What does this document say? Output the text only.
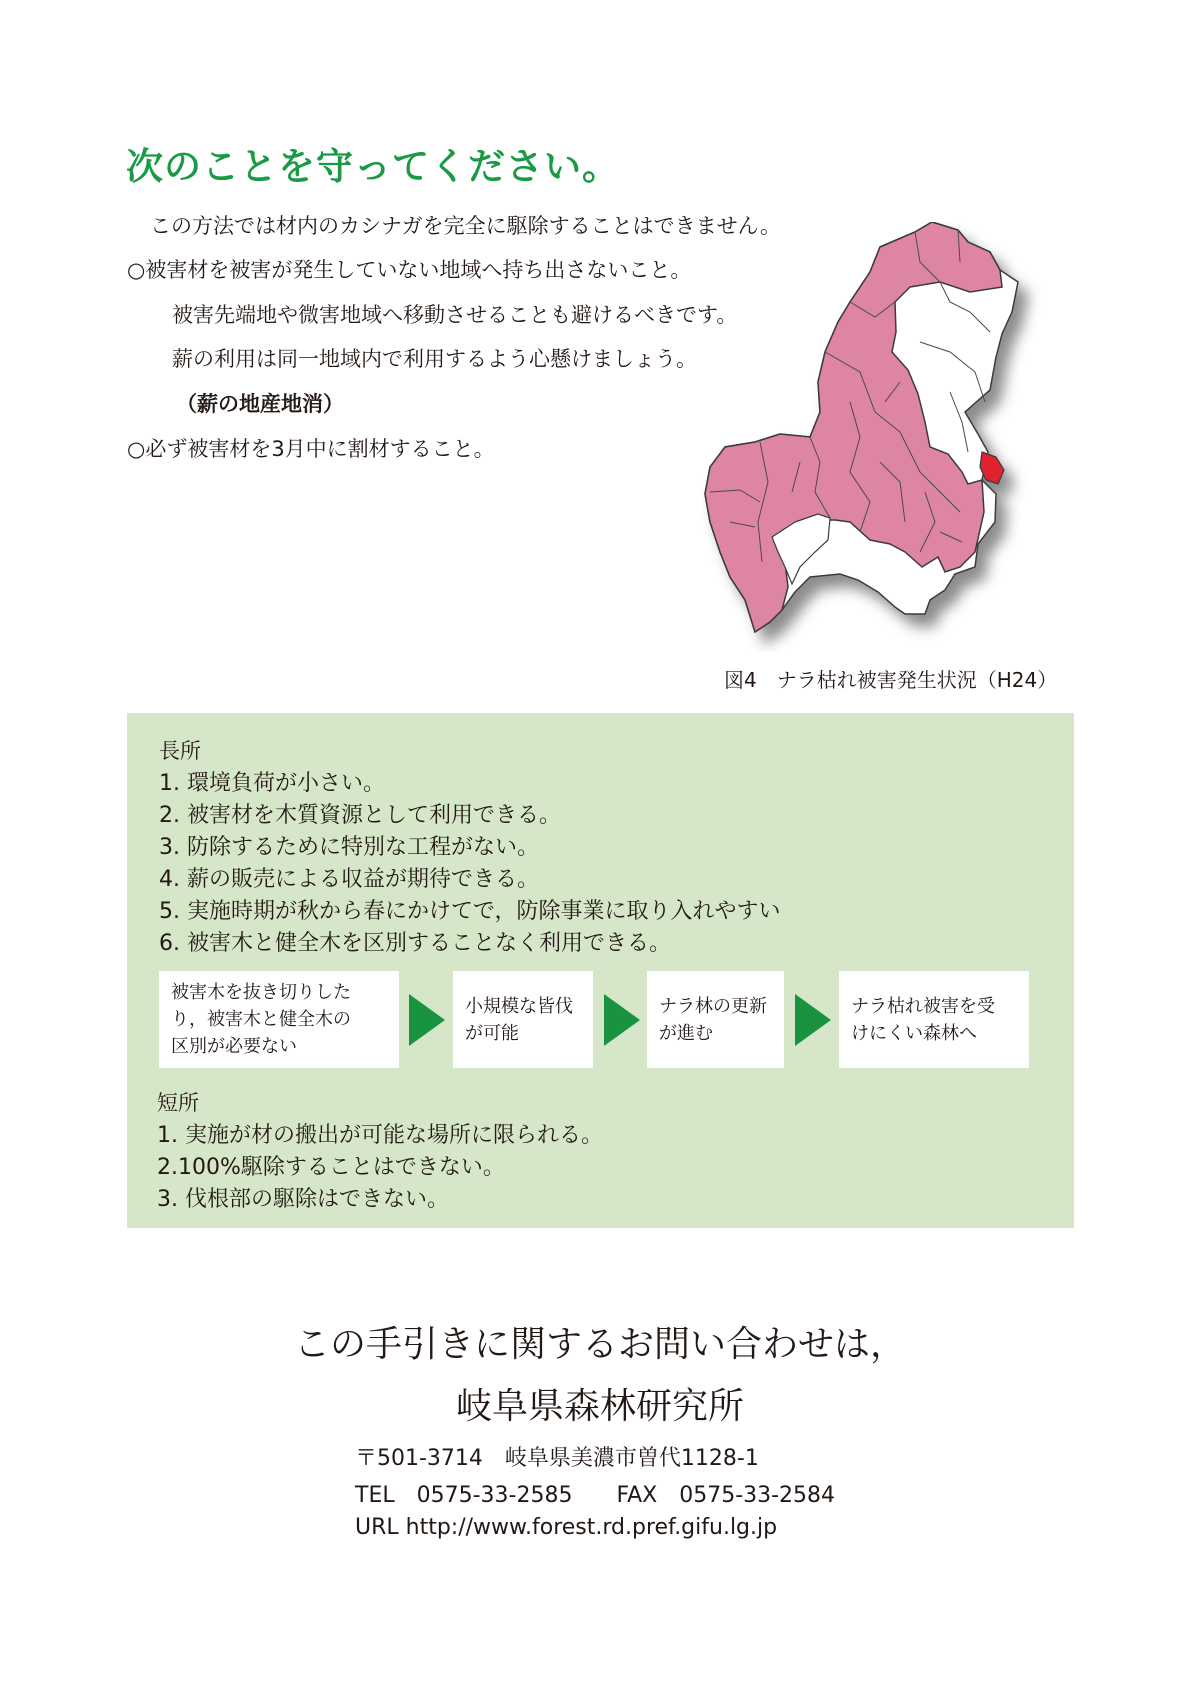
次のことを守ってください。
この方法では材内のカシナガを完全に駆除することはできません。
○被害材を被害が発生していない地域へ持ち出さないこと。
被害先端地や微害地域へ移動させることも避けるべきです。
薪の利用は同一地域内で利用するよう心懸けましょう。
（薪の地産地消）
○必ず被害材を3月中に割材すること。
図4　ナラ枯れ被害発生状況（H24）
長所
1. 環境負荷が小さい。
2. 被害材を木質資源として利用できる。
3. 防除するために特別な工程がない。
4. 薪の販売による収益が期待できる。
5. 実施時期が秋から春にかけてで，防除事業に取り入れやすい
6. 被害木と健全木を区別することなく利用できる。
被害木を抜き切りした
り，被害木と健全木の
区別が必要ない
小規模な皆伐
が可能
ナラ林の更新
が進む
ナラ枯れ被害を受
けにくい森林へ
短所
1. 実施が材の搬出が可能な場所に限られる。
2.100%駆除することはできない。
3. 伐根部の駆除はできない。
この手引きに関するお問い合わせは，
岐阜県森林研究所
〒501-3714　岐阜県美濃市曽代1128-1
TEL　0575-33-2585　　FAX　0575-33-2584
URL http://www.forest.rd.pref.gifu.lg.jp
